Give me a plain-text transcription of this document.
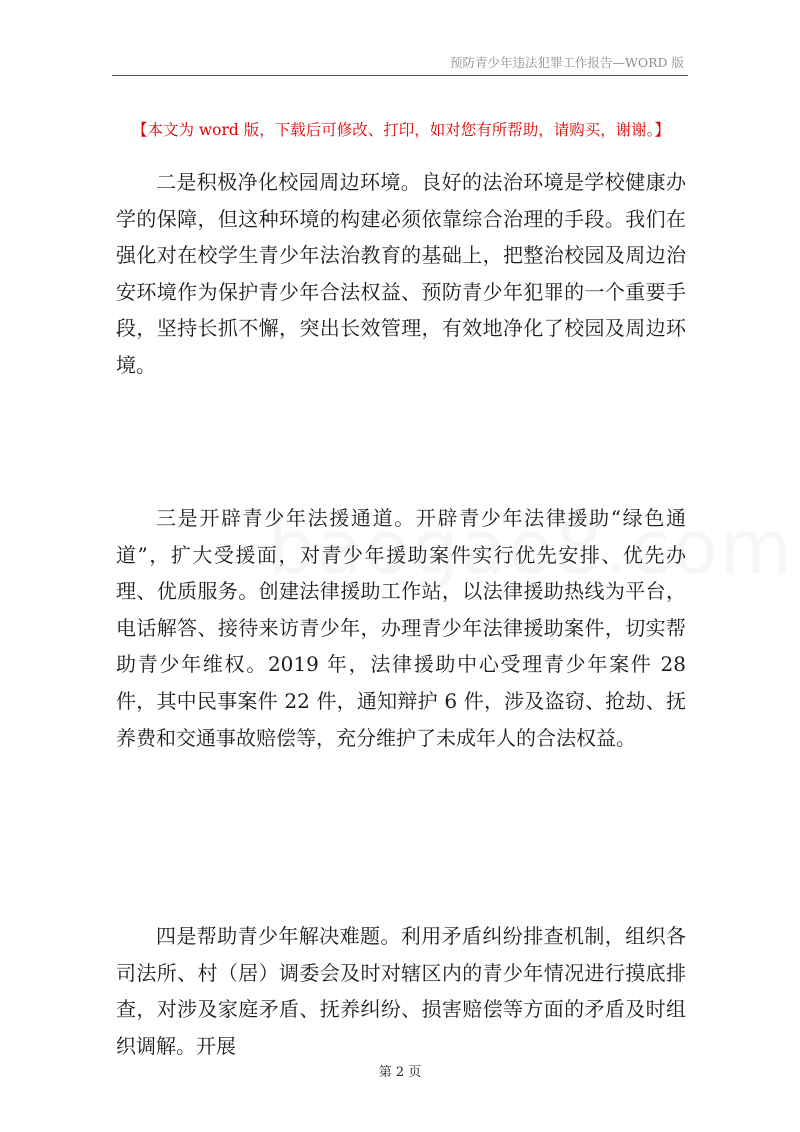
预防青少年违法犯罪工作报告—WORD 版
【本文为 word 版，下载后可修改、打印，如对您有所帮助，请购买，谢谢。】

二是积极净化校园周边环境。良好的法治环境是学校健康办学的保障，但这种环境的构建必须依靠综合治理的手段。我们在强化对在校学生青少年法治教育的基础上，把整治校园及周边治安环境作为保护青少年合法权益、预防青少年犯罪的一个重要手段，坚持长抓不懈，突出长效管理，有效地净化了校园及周边环境。

三是开辟青少年法援通道。开辟青少年法律援助“绿色通道”，扩大受援面，对青少年援助案件实行优先安排、优先办理、优质服务。创建法律援助工作站，以法律援助热线为平台，电话解答、接待来访青少年，办理青少年法律援助案件，切实帮助青少年维权。2019 年，法律援助中心受理青少年案件 28 件，其中民事案件 22 件，通知辩护 6 件，涉及盗窃、抢劫、抚养费和交通事故赔偿等，充分维护了未成年人的合法权益。

四是帮助青少年解决难题。利用矛盾纠纷排查机制，组织各司法所、村（居）调委会及时对辖区内的青少年情况进行摸底排查，对涉及家庭矛盾、抚养纠纷、损害赔偿等方面的矛盾及时组织调解。开展

第 2 页
